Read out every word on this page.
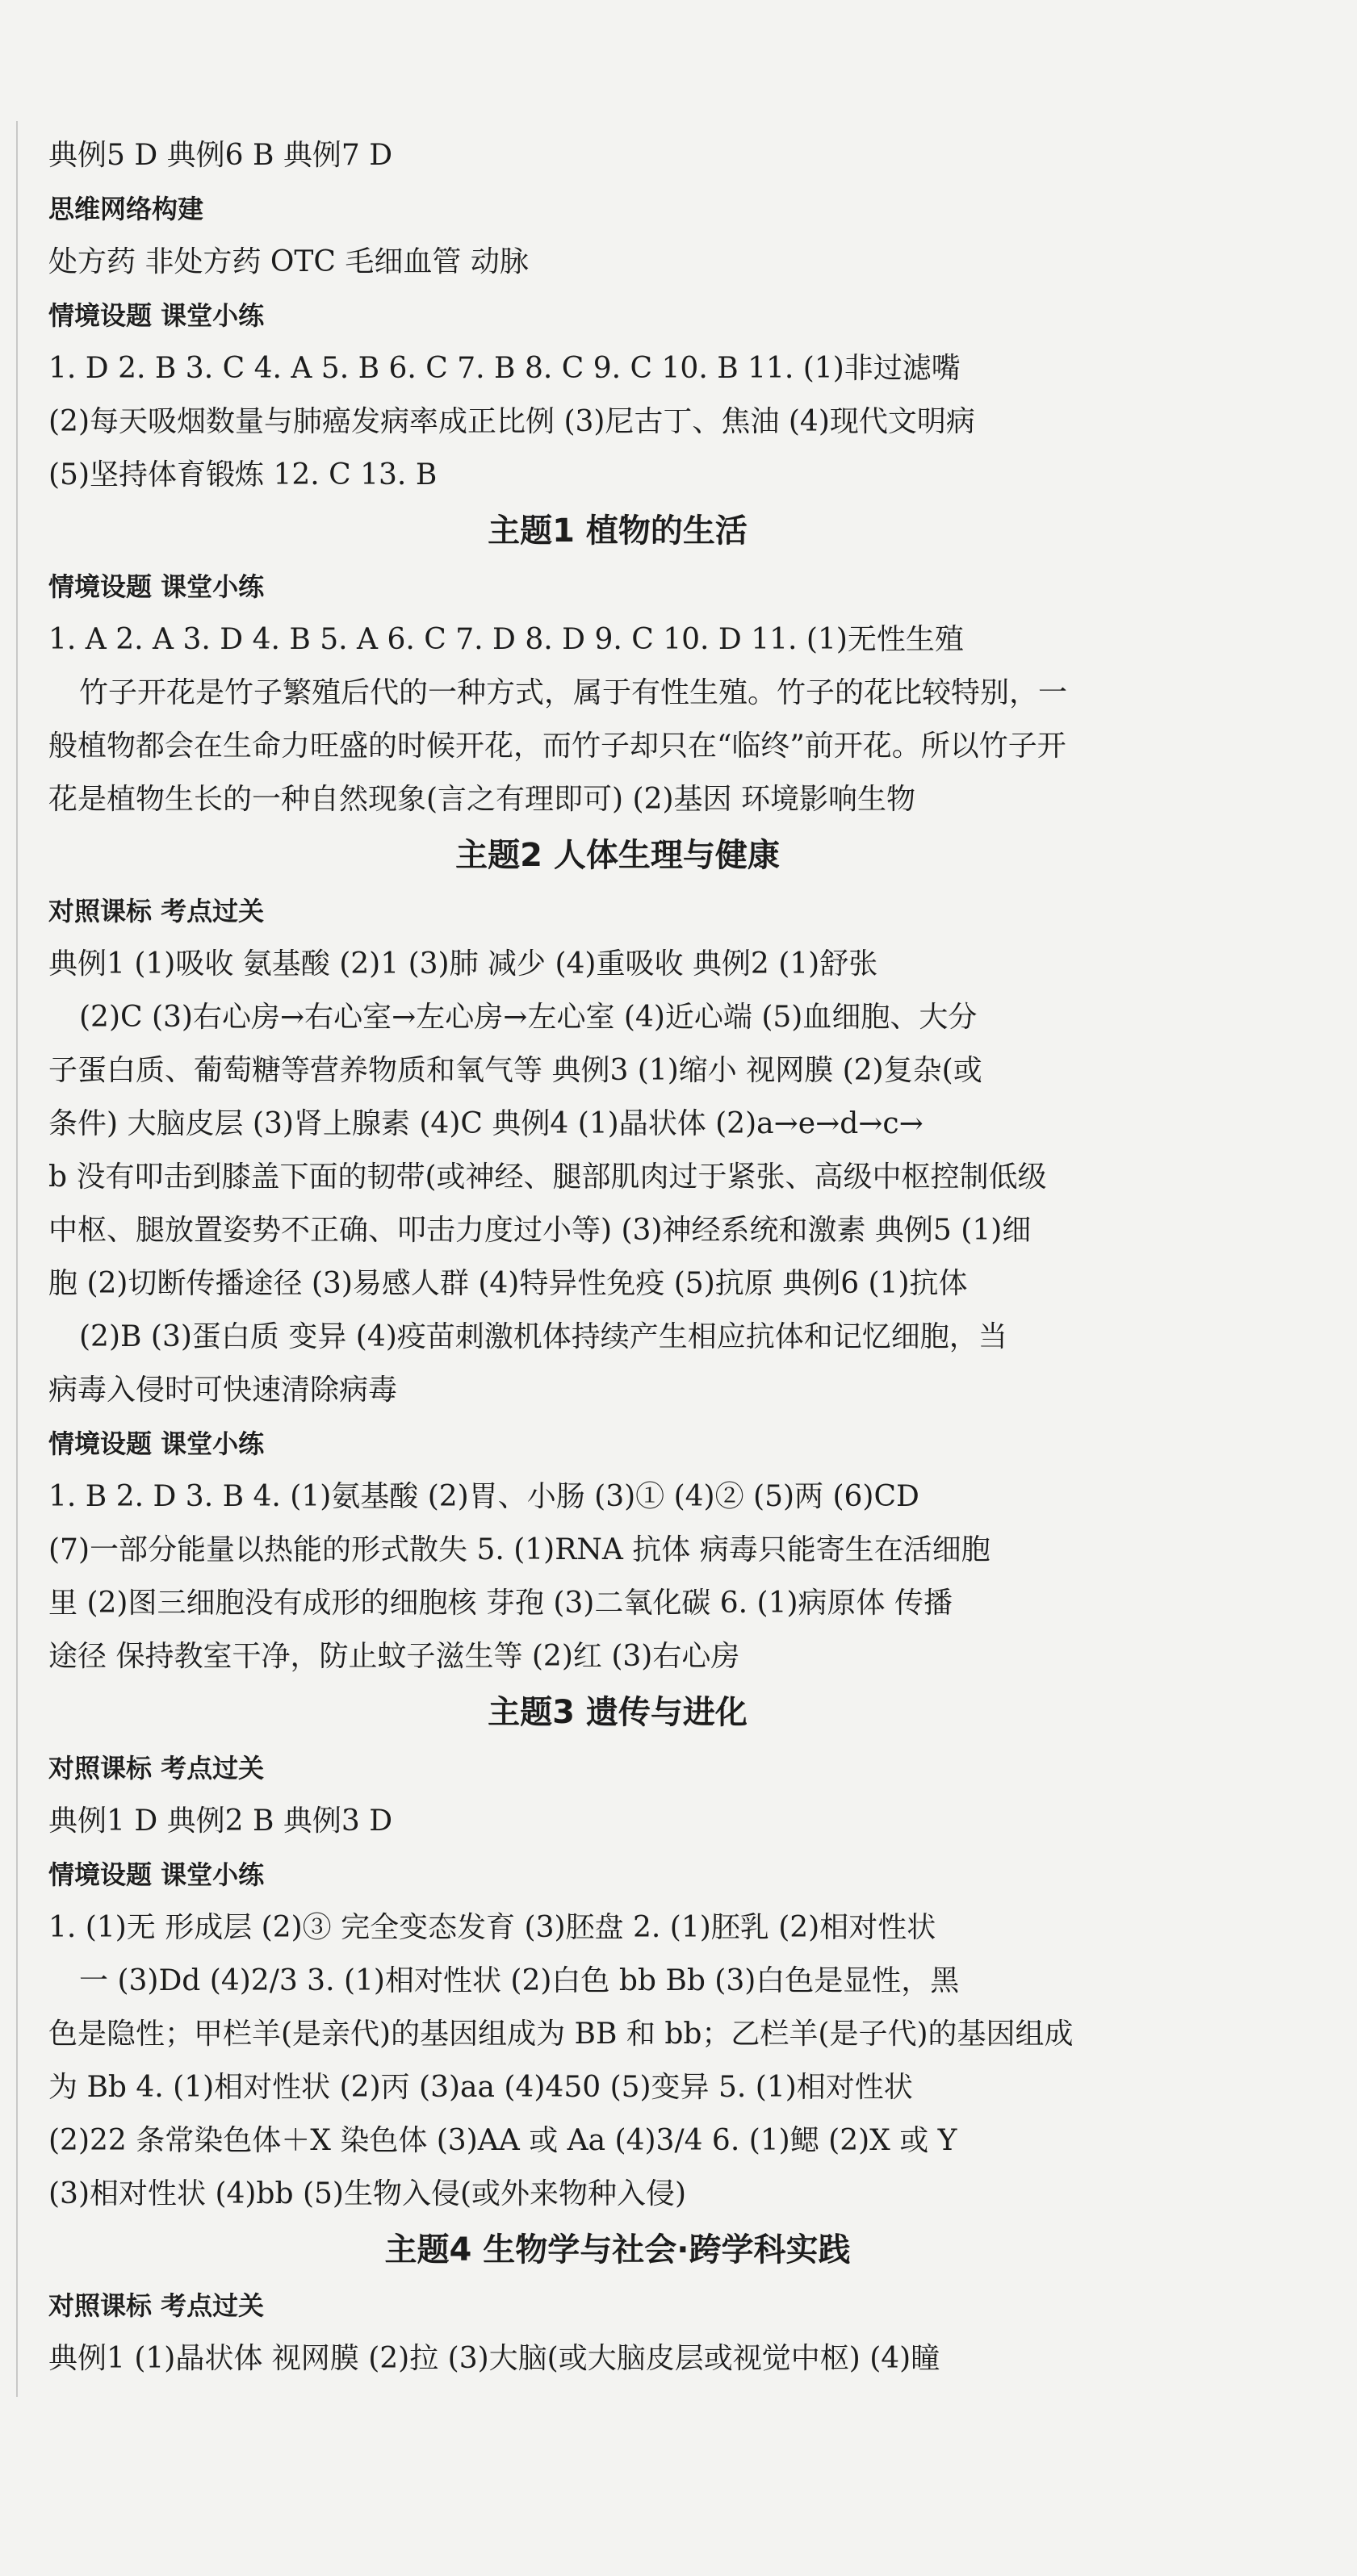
典例5 D 典例6 B 典例7 D
思维网络构建
处方药 非处方药 OTC 毛细血管 动脉
情境设题 课堂小练
1. D 2. B 3. C 4. A 5. B 6. C 7. B 8. C 9. C 10. B 11. (1)非过滤嘴
(2)每天吸烟数量与肺癌发病率成正比例 (3)尼古丁、焦油 (4)现代文明病
(5)坚持体育锻炼 12. C 13. B
主题1 植物的生活
情境设题 课堂小练
1. A 2. A 3. D 4. B 5. A 6. C 7. D 8. D 9. C 10. D 11. (1)无性生殖
竹子开花是竹子繁殖后代的一种方式，属于有性生殖。竹子的花比较特别，一
般植物都会在生命力旺盛的时候开花，而竹子却只在“临终”前开花。所以竹子开
花是植物生长的一种自然现象(言之有理即可) (2)基因 环境影响生物
主题2 人体生理与健康
对照课标 考点过关
典例1 (1)吸收 氨基酸 (2)1 (3)肺 减少 (4)重吸收 典例2 (1)舒张
(2)C (3)右心房→右心室→左心房→左心室 (4)近心端 (5)血细胞、大分
子蛋白质、葡萄糖等营养物质和氧气等 典例3 (1)缩小 视网膜 (2)复杂(或
条件) 大脑皮层 (3)肾上腺素 (4)C 典例4 (1)晶状体 (2)a→e→d→c→
b 没有叩击到膝盖下面的韧带(或神经、腿部肌肉过于紧张、高级中枢控制低级
中枢、腿放置姿势不正确、叩击力度过小等) (3)神经系统和激素 典例5 (1)细
胞 (2)切断传播途径 (3)易感人群 (4)特异性免疫 (5)抗原 典例6 (1)抗体
(2)B (3)蛋白质 变异 (4)疫苗刺激机体持续产生相应抗体和记忆细胞，当
病毒入侵时可快速清除病毒
情境设题 课堂小练
1. B 2. D 3. B 4. (1)氨基酸 (2)胃、小肠 (3)① (4)② (5)两 (6)CD
(7)一部分能量以热能的形式散失 5. (1)RNA 抗体 病毒只能寄生在活细胞
里 (2)图三细胞没有成形的细胞核 芽孢 (3)二氧化碳 6. (1)病原体 传播
途径 保持教室干净，防止蚊子滋生等 (2)红 (3)右心房
主题3 遗传与进化
对照课标 考点过关
典例1 D 典例2 B 典例3 D
情境设题 课堂小练
1. (1)无 形成层 (2)③ 完全变态发育 (3)胚盘 2. (1)胚乳 (2)相对性状
一 (3)Dd (4)2/3 3. (1)相对性状 (2)白色 bb Bb (3)白色是显性，黑
色是隐性；甲栏羊(是亲代)的基因组成为 BB 和 bb；乙栏羊(是子代)的基因组成
为 Bb 4. (1)相对性状 (2)丙 (3)aa (4)450 (5)变异 5. (1)相对性状
(2)22 条常染色体＋X 染色体 (3)AA 或 Aa (4)3/4 6. (1)鳃 (2)X 或 Y
(3)相对性状 (4)bb (5)生物入侵(或外来物种入侵)
主题4 生物学与社会·跨学科实践
对照课标 考点过关
典例1 (1)晶状体 视网膜 (2)拉 (3)大脑(或大脑皮层或视觉中枢) (4)瞳
